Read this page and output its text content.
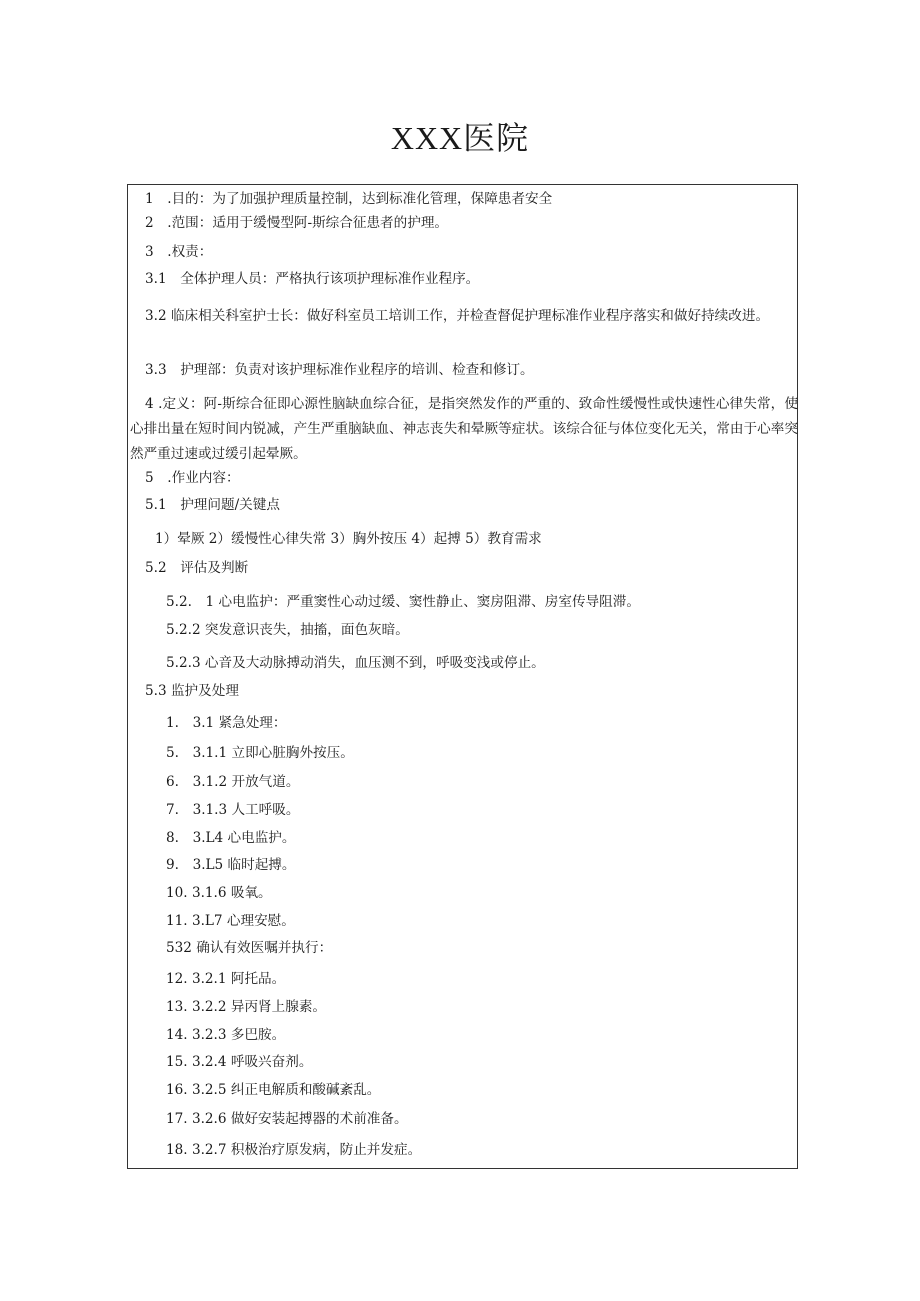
XXX医院
1　.目的：为了加强护理质量控制，达到标准化管理，保障患者安全
2　.范围：适用于缓慢型阿-斯综合征患者的护理。
3　.权责：
3.1　全体护理人员：严格执行该项护理标准作业程序。
3.2 临床相关科室护士长：做好科室员工培训工作，并检查督促护理标准作业程序落实和做好持续改进。
3.3　护理部：负责对该护理标准作业程序的培训、检查和修订。
4 .定义：阿-斯综合征即心源性脑缺血综合征，是指突然发作的严重的、致命性缓慢性或快速性心律失常，使心排出量在短时间内锐减，产生严重脑缺血、神志丧失和晕厥等症状。该综合征与体位变化无关，常由于心率突然严重过速或过缓引起晕厥。
5　.作业内容：
5.1　护理问题/关键点
1）晕厥 2）缓慢性心律失常 3）胸外按压 4）起搏 5）教育需求
5.2　评估及判断
5.2.　1 心电监护：严重窦性心动过缓、窦性静止、窦房阻滞、房室传导阻滞。
5.2.2 突发意识丧失，抽搐，面色灰暗。
5.2.3 心音及大动脉搏动消失，血压测不到，呼吸变浅或停止。
5.3 监护及处理
1.　3.1 紧急处理：
5.　3.1.1 立即心脏胸外按压。
6.　3.1.2 开放气道。
7.　3.1.3 人工呼吸。
8.　3.L4 心电监护。
9.　3.L5 临时起搏。
10. 3.1.6 吸氧。
11. 3.L7 心理安慰。
532 确认有效医嘱并执行：
12. 3.2.1 阿托品。
13. 3.2.2 异丙肾上腺素。
14. 3.2.3 多巴胺。
15. 3.2.4 呼吸兴奋剂。
16. 3.2.5 纠正电解质和酸碱紊乱。
17. 3.2.6 做好安装起搏器的术前准备。
18. 3.2.7 积极治疗原发病，防止并发症。
